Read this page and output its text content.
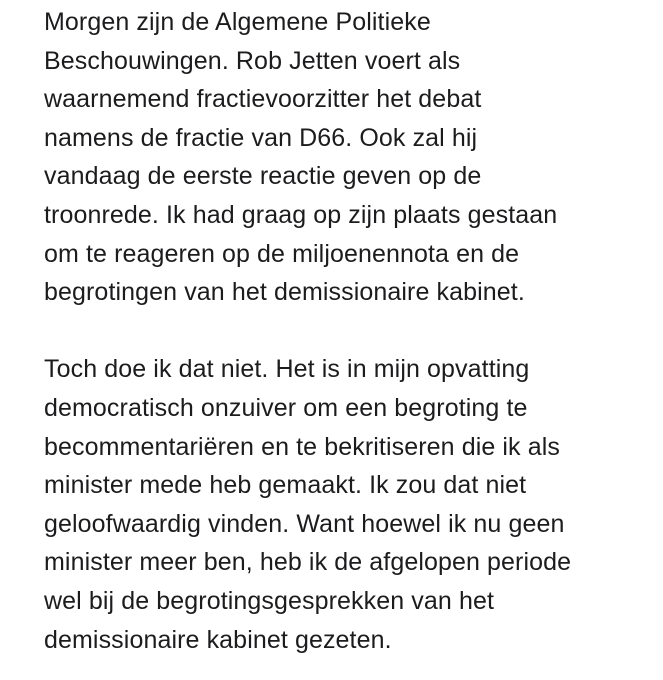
Morgen zijn de Algemene Politieke
Beschouwingen. Rob Jetten voert als
waarnemend fractievoorzitter het debat
namens de fractie van D66. Ook zal hij
vandaag de eerste reactie geven op de
troonrede. Ik had graag op zijn plaats gestaan
om te reageren op de miljoenennota en de
begrotingen van het demissionaire kabinet.

Toch doe ik dat niet. Het is in mijn opvatting
democratisch onzuiver om een begroting te
becommentariëren en te bekritiseren die ik als
minister mede heb gemaakt. Ik zou dat niet
geloofwaardig vinden. Want hoewel ik nu geen
minister meer ben, heb ik de afgelopen periode
wel bij de begrotingsgesprekken van het
demissionaire kabinet gezeten.
